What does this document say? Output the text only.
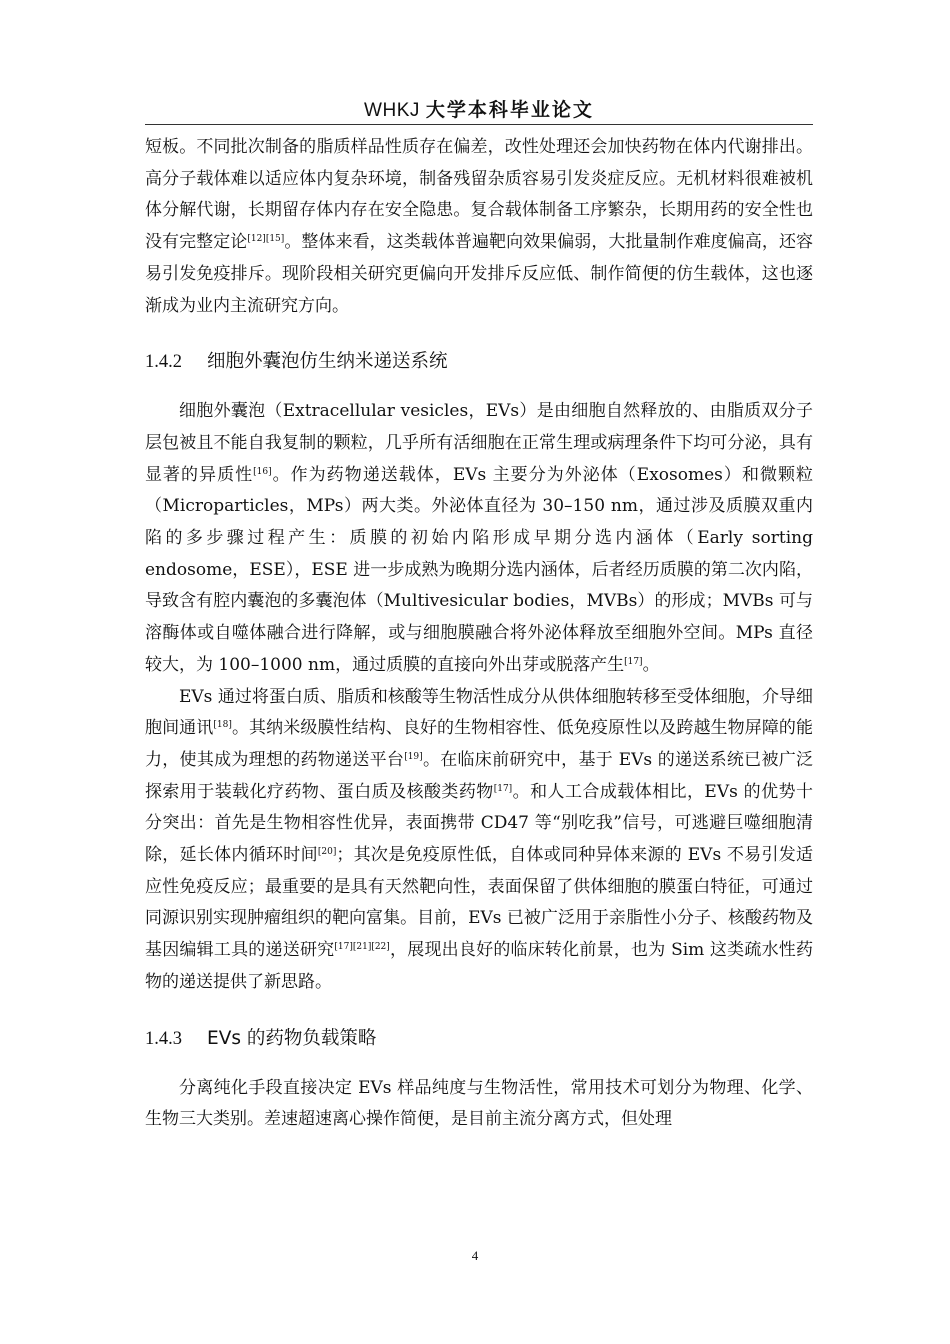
WHKJ 大学本科毕业论文

短板。不同批次制备的脂质样品性质存在偏差，改性处理还会加快药物在体内代谢排出。高分子载体难以适应体内复杂环境，制备残留杂质容易引发炎症反应。无机材料很难被机体分解代谢，长期留存体内存在安全隐患。复合载体制备工序繁杂，长期用药的安全性也没有完整定论[12][15]。整体来看，这类载体普遍靶向效果偏弱，大批量制作难度偏高，还容易引发免疫排斥。现阶段相关研究更偏向开发排斥反应低、制作简便的仿生载体，这也逐渐成为业内主流研究方向。

1.4.2 细胞外囊泡仿生纳米递送系统

细胞外囊泡（Extracellular vesicles，EVs）是由细胞自然释放的、由脂质双分子层包被且不能自我复制的颗粒，几乎所有活细胞在正常生理或病理条件下均可分泌，具有显著的异质性[16]。作为药物递送载体，EVs 主要分为外泌体（Exosomes）和微颗粒（Microparticles，MPs）两大类。外泌体直径为 30–150 nm，通过涉及质膜双重内陷的多步骤过程产生：质膜的初始内陷形成早期分选内涵体（Early sorting endosome，ESE），ESE 进一步成熟为晚期分选内涵体，后者经历质膜的第二次内陷，导致含有腔内囊泡的多囊泡体（Multivesicular bodies，MVBs）的形成；MVBs 可与溶酶体或自噬体融合进行降解，或与细胞膜融合将外泌体释放至细胞外空间。MPs 直径较大，为 100–1000 nm，通过质膜的直接向外出芽或脱落产生[17]。

EVs 通过将蛋白质、脂质和核酸等生物活性成分从供体细胞转移至受体细胞，介导细胞间通讯[18]。其纳米级膜性结构、良好的生物相容性、低免疫原性以及跨越生物屏障的能力，使其成为理想的药物递送平台[19]。在临床前研究中，基于 EVs 的递送系统已被广泛探索用于装载化疗药物、蛋白质及核酸类药物[17]。和人工合成载体相比，EVs 的优势十分突出：首先是生物相容性优异，表面携带 CD47 等“别吃我”信号，可逃避巨噬细胞清除，延长体内循环时间[20]；其次是免疫原性低，自体或同种异体来源的 EVs 不易引发适应性免疫反应；最重要的是具有天然靶向性，表面保留了供体细胞的膜蛋白特征，可通过同源识别实现肿瘤组织的靶向富集。目前，EVs 已被广泛用于亲脂性小分子、核酸药物及基因编辑工具的递送研究[17][21][22]，展现出良好的临床转化前景，也为 Sim 这类疏水性药物的递送提供了新思路。

1.4.3 EVs 的药物负载策略

分离纯化手段直接决定 EVs 样品纯度与生物活性，常用技术可划分为物理、化学、生物三大类别。差速超速离心操作简便，是目前主流分离方式，但处理

4
